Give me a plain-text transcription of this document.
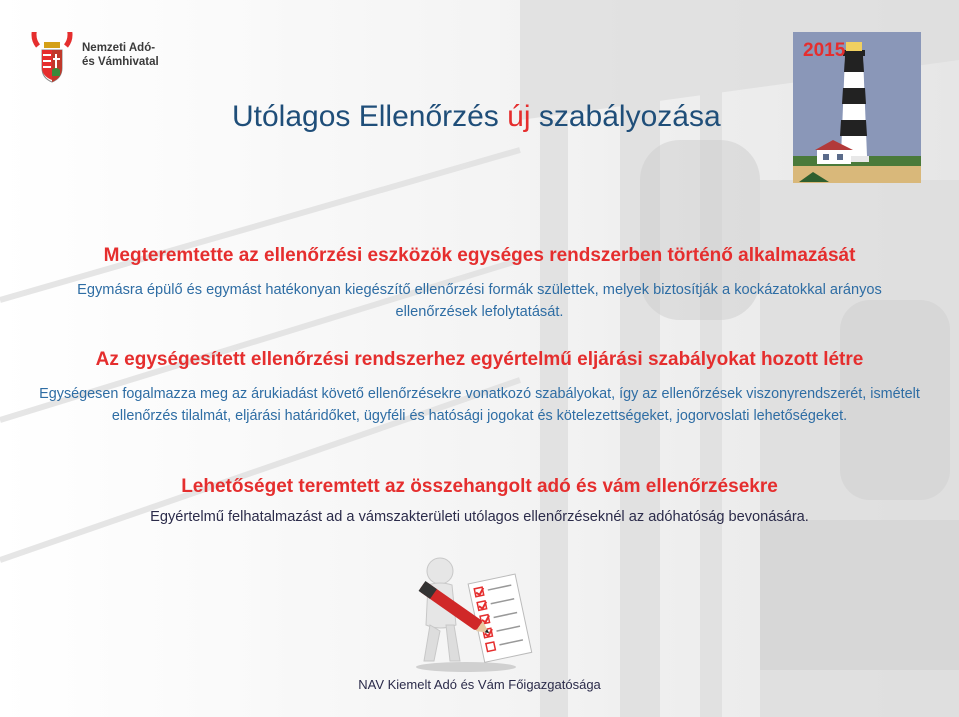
Nemzeti Adó-
és Vámhivatal
2015
Utólagos Ellenőrzés új szabályozása
Megteremtette az ellenőrzési eszközök egységes rendszerben történő alkalmazását
Egymásra épülő és egymást hatékonyan kiegészítő ellenőrzési formák születtek, melyek biztosítják a kockázatokkal arányos ellenőrzések lefolytatását.
Az egységesített ellenőrzési rendszerhez egyértelmű eljárási szabályokat hozott létre
Egységesen fogalmazza meg az árukiadást követő ellenőrzésekre vonatkozó szabályokat, így az ellenőrzések viszonyrendszerét, ismételt ellenőrzés tilalmát, eljárási határidőket, ügyféli és hatósági jogokat és kötelezettségeket, jogorvoslati lehetőségeket.
Lehetőséget teremtett az összehangolt adó és vám ellenőrzésekre
Egyértelmű felhatalmazást ad a vámszakterületi utólagos ellenőrzéseknél az adóhatóság bevonására.
NAV Kiemelt Adó és Vám Főigazgatósága
